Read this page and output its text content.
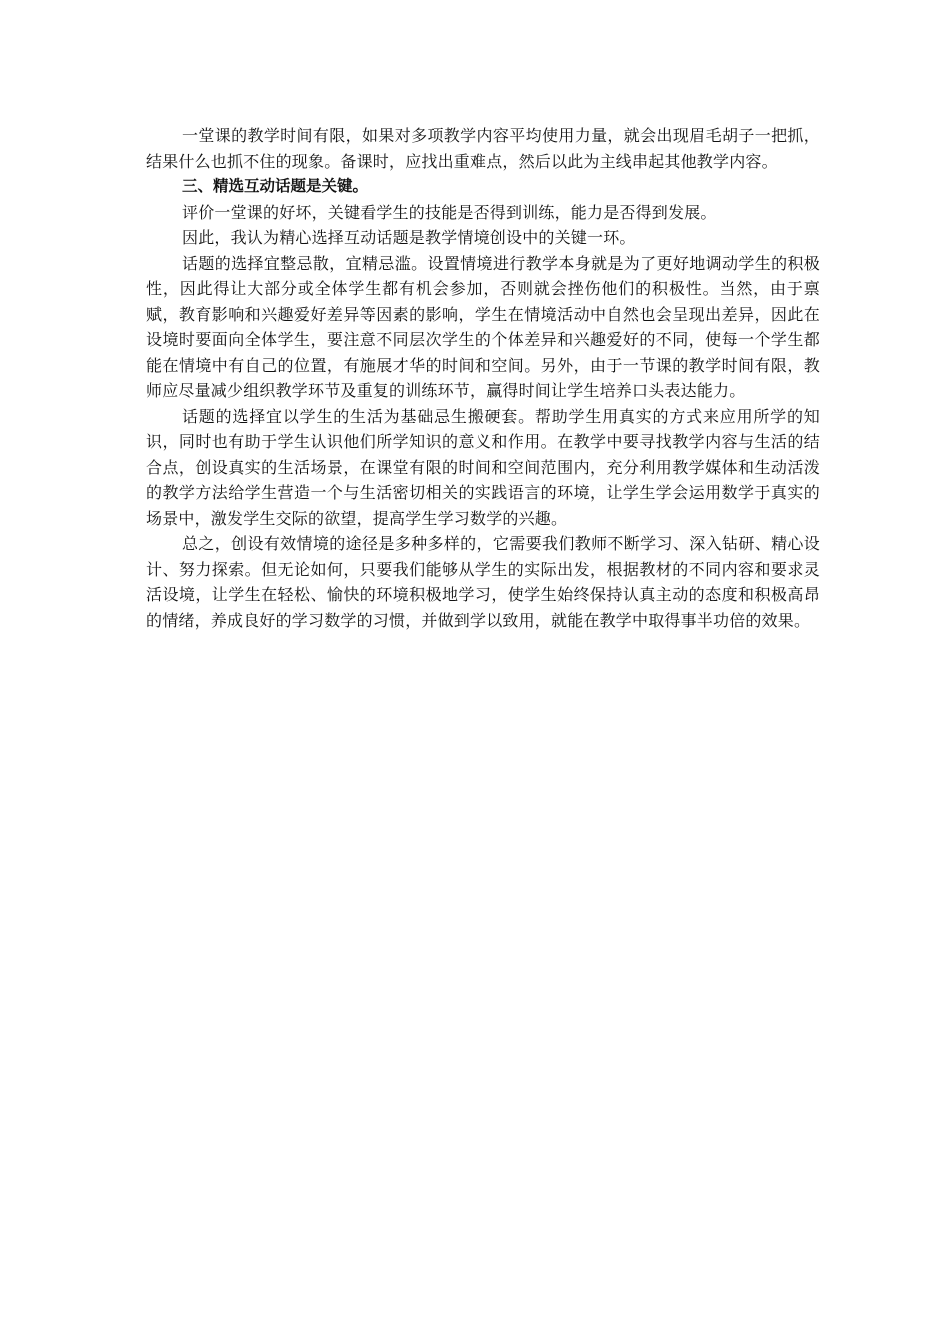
一堂课的教学时间有限，如果对多项教学内容平均使用力量，就会出现眉毛胡子一把抓，结果什么也抓不住的现象。备课时，应找出重难点，然后以此为主线串起其他教学内容。

三、精选互动话题是关键。

评价一堂课的好坏，关键看学生的技能是否得到训练，能力是否得到发展。

因此，我认为精心选择互动话题是教学情境创设中的关键一环。

话题的选择宜整忌散，宜精忌滥。设置情境进行教学本身就是为了更好地调动学生的积极性，因此得让大部分或全体学生都有机会参加，否则就会挫伤他们的积极性。当然，由于禀赋，教育影响和兴趣爱好差异等因素的影响，学生在情境活动中自然也会呈现出差异，因此在设境时要面向全体学生，要注意不同层次学生的个体差异和兴趣爱好的不同，使每一个学生都能在情境中有自己的位置，有施展才华的时间和空间。另外，由于一节课的教学时间有限，教师应尽量减少组织教学环节及重复的训练环节，赢得时间让学生培养口头表达能力。

话题的选择宜以学生的生活为基础忌生搬硬套。帮助学生用真实的方式来应用所学的知识，同时也有助于学生认识他们所学知识的意义和作用。在教学中要寻找教学内容与生活的结合点，创设真实的生活场景，在课堂有限的时间和空间范围内，充分利用教学媒体和生动活泼的教学方法给学生营造一个与生活密切相关的实践语言的环境，让学生学会运用数学于真实的场景中，激发学生交际的欲望，提高学生学习数学的兴趣。

总之，创设有效情境的途径是多种多样的，它需要我们教师不断学习、深入钻研、精心设计、努力探索。但无论如何，只要我们能够从学生的实际出发，根据教材的不同内容和要求灵活设境，让学生在轻松、愉快的环境积极地学习，使学生始终保持认真主动的态度和积极高昂的情绪，养成良好的学习数学的习惯，并做到学以致用，就能在教学中取得事半功倍的效果。
